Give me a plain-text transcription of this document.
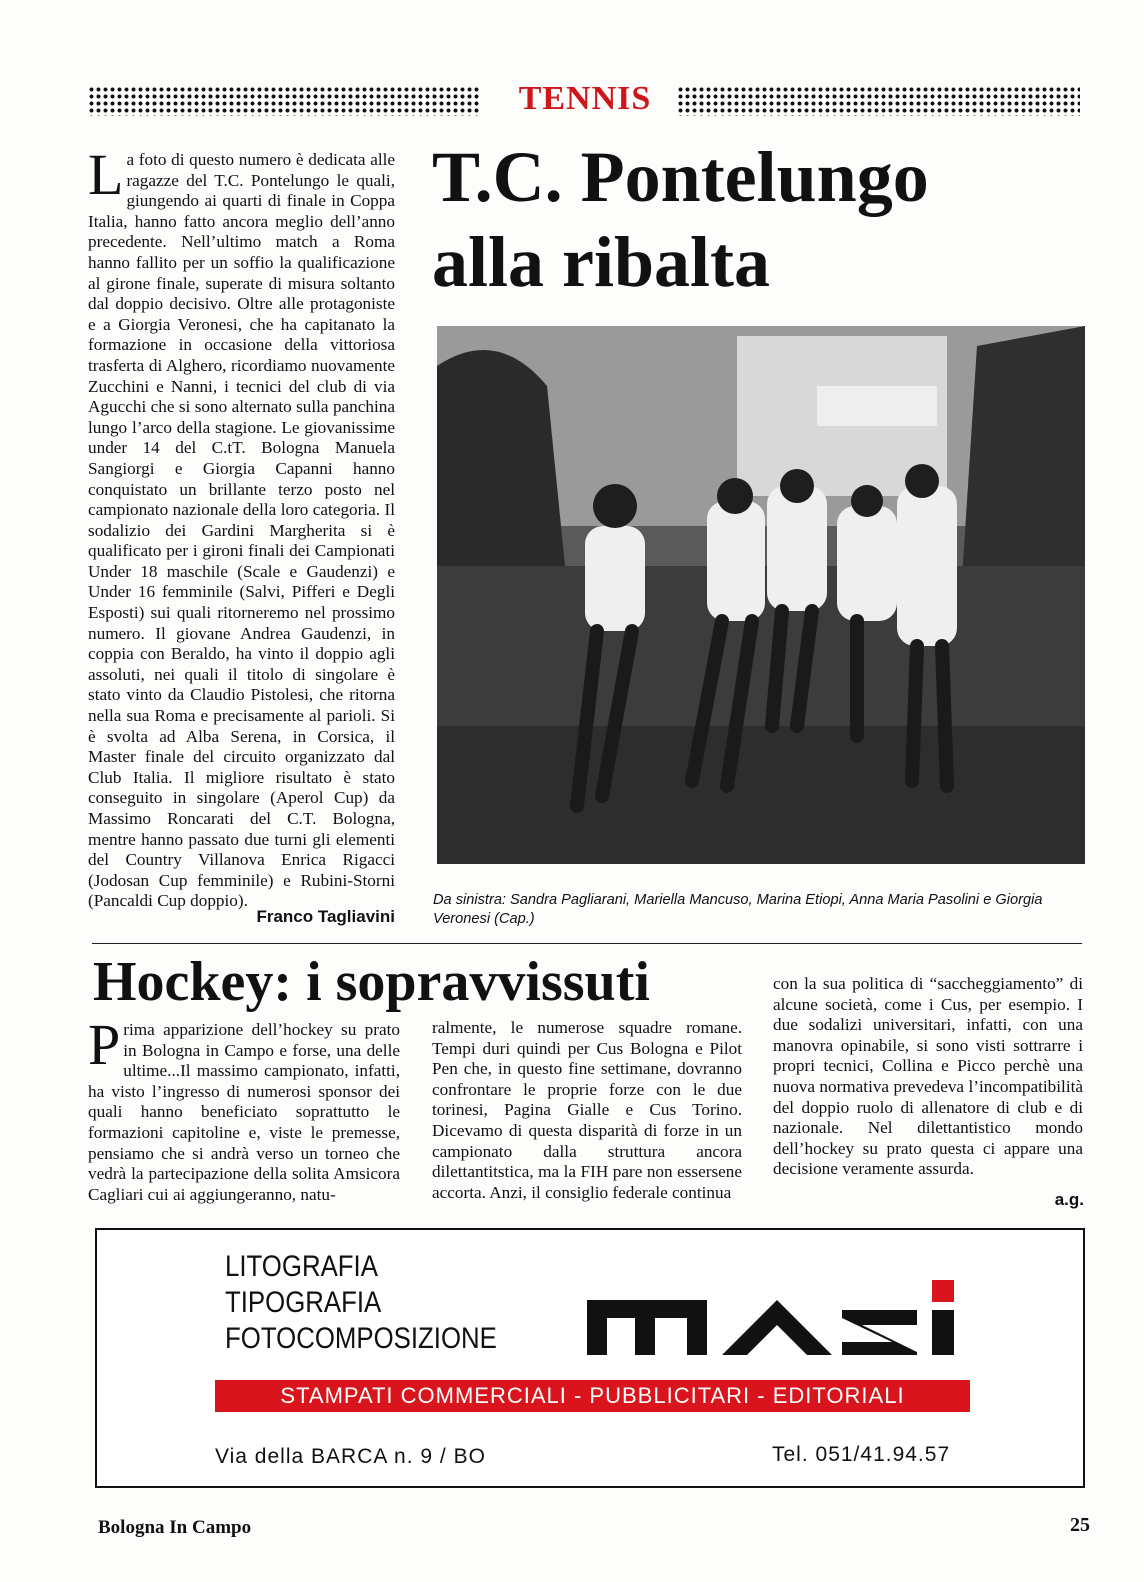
TENNIS
La foto di questo numero è dedicata alle ragazze del T.C. Pontelungo le quali, giungendo ai quarti di finale in Coppa Italia, hanno fatto ancora meglio dell’anno precedente. Nell’ultimo match a Roma hanno fallito per un soffio la qualificazione al girone finale, superate di misura soltanto dal doppio decisivo. Oltre alle protagoniste e a Giorgia Veronesi, che ha capitanato la formazione in occasione della vittoriosa trasferta di Alghero, ricordiamo nuovamente Zucchini e Nanni, i tecnici del club di via Agucchi che si sono alternato sulla panchina lungo l’arco della stagione. Le giovanissime under 14 del C.tT. Bologna Manuela Sangiorgi e Giorgia Capanni hanno conquistato un brillante terzo posto nel campionato nazionale della loro categoria. Il sodalizio dei Gardini Margherita si è qualificato per i gironi finali dei Campionati Under 18 maschile (Scale e Gaudenzi) e Under 16 femminile (Salvi, Pifferi e Degli Esposti) sui quali ritorneremo nel prossimo numero. Il giovane Andrea Gaudenzi, in coppia con Beraldo, ha vinto il doppio agli assoluti, nei quali il titolo di singolare è stato vinto da Claudio Pistolesi, che ritorna nella sua Roma e precisamente al parioli. Si è svolta ad Alba Serena, in Corsica, il Master finale del circuito organizzato dal Club Italia. Il migliore risultato è stato conseguito in singolare (Aperol Cup) da Massimo Roncarati del C.T. Bologna, mentre hanno passato due turni gli elementi del Country Villanova Enrica Rigacci (Jodosan Cup femminile) e Rubini-Storni (Pancaldi Cup doppio).
T.C. Pontelungo
alla ribalta
Da sinistra: Sandra Pagliarani, Mariella Mancuso, Marina Etiopi, Anna Maria Pasolini e Giorgia Veronesi (Cap.)
Franco Tagliavini
Hockey: i sopravvissuti
Prima apparizione dell’hockey su prato in Bologna in Campo e forse, una delle ultime...Il massimo campionato, infatti, ha visto l’ingresso di numerosi sponsor dei quali hanno beneficiato soprattutto le formazioni capitoline e, viste le premesse, pensiamo che si andrà verso un torneo che vedrà la partecipazione della solita Amsicora Cagliari cui ai aggiungeranno, natu-
ralmente, le numerose squadre romane. Tempi duri quindi per Cus Bologna e Pilot Pen che, in questo fine settimane, dovranno confrontare le proprie forze con le due torinesi, Pagina Gialle e Cus Torino. Dicevamo di questa disparità di forze in un campionato dalla struttura ancora dilettantitstica, ma la FIH pare non essersene accorta. Anzi, il consiglio federale continua
con la sua politica di “saccheggiamento” di alcune società, come i Cus, per esempio. I due sodalizi universitari, infatti, con una manovra opinabile, si sono visti sottrarre i propri tecnici, Collina e Picco perchè una nuova normativa prevedeva l’incompatibilità del doppio ruolo di allenatore di club e di nazionale. Nel dilettantistico mondo dell’hockey su prato questa ci appare una decisione veramente assurda.
a.g.
LITOGRAFIA
TIPOGRAFIA
FOTOCOMPOSIZIONE
STAMPATI COMMERCIALI - PUBBLICITARI - EDITORIALI
Via della BARCA n. 9 / BO	Tel. 051/41.94.57
Bologna In Campo	25
